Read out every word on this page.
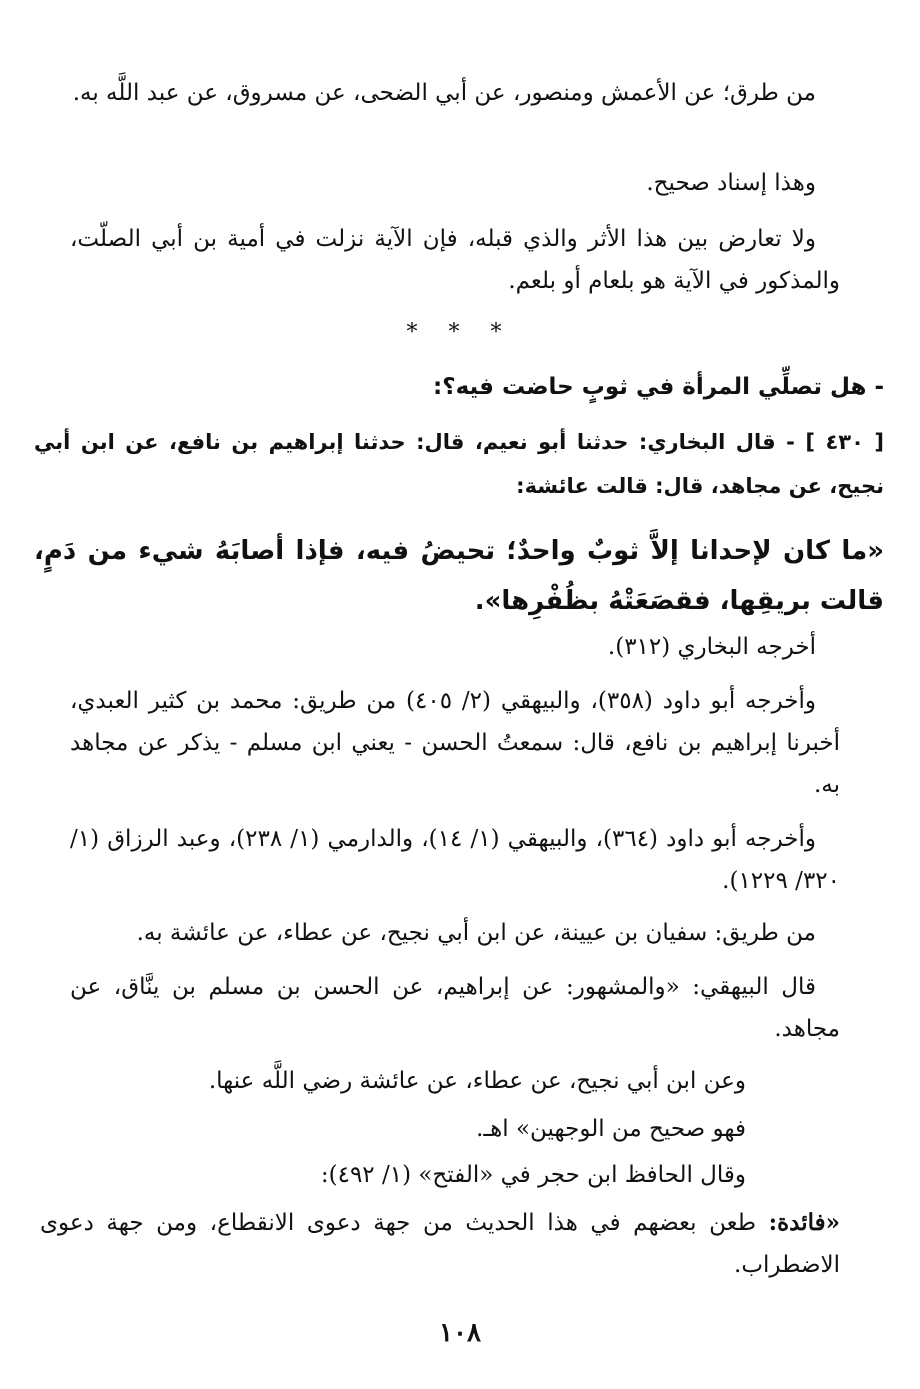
من طرق؛ عن الأعمش ومنصور، عن أبي الضحى، عن مسروق، عن عبد اللَّه به.

وهذا إسناد صحيح.

ولا تعارض بين هذا الأثر والذي قبله، فإن الآية نزلت في أمية بن أبي الصلّت، والمذكور في الآية هو بلعام أو بلعم.

* * *
- هل تصلِّي المرأة في ثوبٍ حاضت فيه؟:

[ ٤٣٠ ] - قال البخاري: حدثنا أبو نعيم، قال: حدثنا إبراهيم بن نافع، عن ابن أبي نجيح، عن مجاهد، قال: قالت عائشة:

«ما كان لإحدانا إلاَّ ثوبٌ واحدٌ؛ تحيضُ فيه، فإذا أصابَهُ شيء من دَمٍ، قالت بريقِها، فقصَعَتْهُ بظُفْرِها».

أخرجه البخاري (٣١٢).

وأخرجه أبو داود (٣٥٨)، والبيهقي (٢/ ٤٠٥) من طريق: محمد بن كثير العبدي، أخبرنا إبراهيم بن نافع، قال: سمعتُ الحسن - يعني ابن مسلم - يذكر عن مجاهد به.

وأخرجه أبو داود (٣٦٤)، والبيهقي (١/ ١٤)، والدارمي (١/ ٢٣٨)، وعبد الرزاق (١/ ٣٢٠/ ١٢٢٩).

من طريق: سفيان بن عيينة، عن ابن أبي نجيح، عن عطاء، عن عائشة به.

قال البيهقي: «والمشهور: عن إبراهيم، عن الحسن بن مسلم بن ينَّاق، عن مجاهد.

وعن ابن أبي نجيح، عن عطاء، عن عائشة رضي اللَّه عنها.

فهو صحيح من الوجهين» اهـ.

وقال الحافظ ابن حجر في «الفتح» (١/ ٤٩٢):

«فائدة: طعن بعضهم في هذا الحديث من جهة دعوى الانقطاع، ومن جهة دعوى الاضطراب.

١٠٨
